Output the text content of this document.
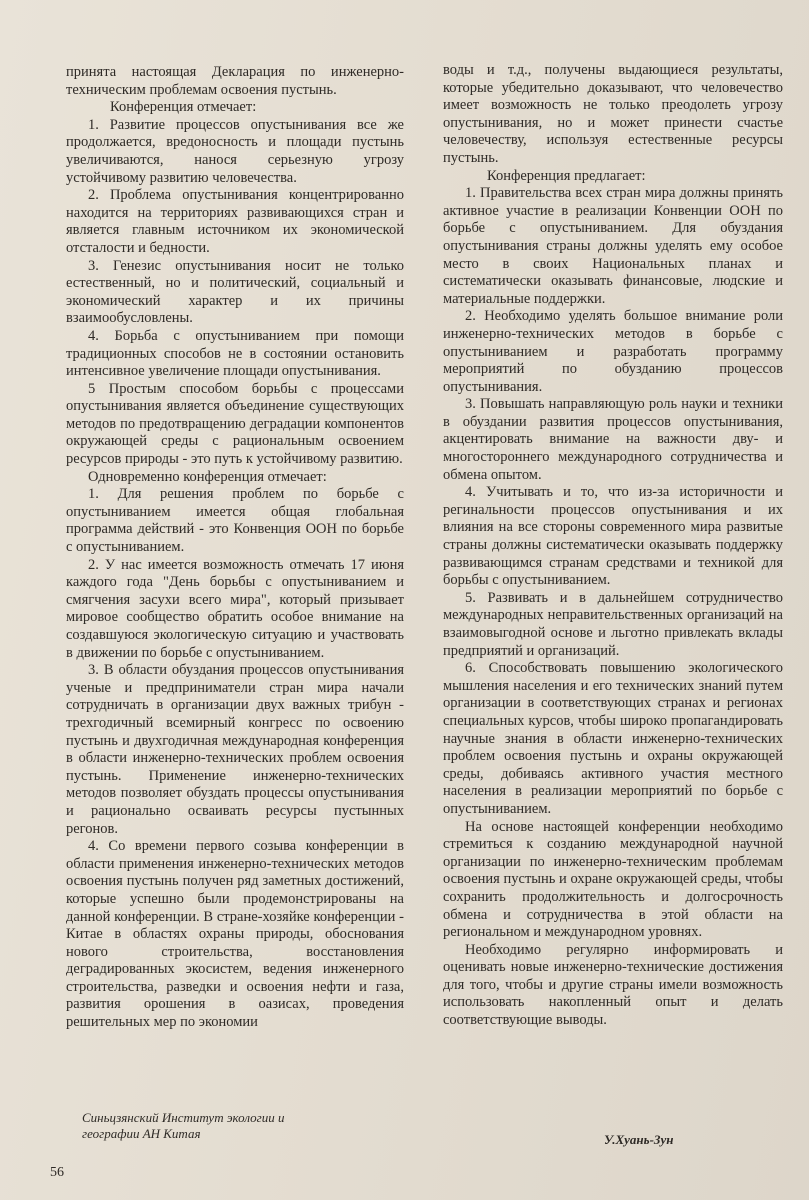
принята настоящая Декларация по инженерно-техническим проблемам освоения пустынь.

Конференция отмечает:

1. Развитие процессов опустынивания все же продолжается, вредоносность и площади пустынь увеличиваются, нанося серьезную угрозу устойчивому развитию человечества.

2. Проблема опустынивания концентрированно находится на территориях развивающихся стран и является главным источником их экономической отсталости и бедности.

3. Генезис опустынивания носит не только естественный, но и политический, социальный и экономический характер и их причины взаимообусловлены.

4. Борьба с опустыниванием при помощи традиционных способов не в состоянии остановить интенсивное увеличение площади опустынивания.

5 Простым способом борьбы с процессами опустынивания является объединение существующих методов по предотвращению деградации компонентов окружающей среды с рациональным освоением ресурсов природы - это путь к устойчивому развитию.

Одновременно конференция отмечает:

1. Для решения проблем по борьбе с опустыниванием имеется общая глобальная программа действий - это Конвенция ООН по борьбе с опустыниванием.

2. У нас имеется возможность отмечать 17 июня каждого года "День борьбы с опустыниванием и смягчения засухи всего мира", который призывает мировое сообщество обратить особое внимание на создавшуюся экологическую ситуацию и участвовать в движении по борьбе с опустыниванием.

3. В области обуздания процессов опустынивания ученые и предприниматели стран мира начали сотрудничать в организации двух важных трибун - трехгодичный всемирный конгресс по освоению пустынь и двухгодичная международная конференция в области инженерно-технических проблем освоения пустынь. Применение инженерно-технических методов позволяет обуздать процессы опустынивания и рационально осваивать ресурсы пустынных регонов.

4. Со времени первого созыва конференции в области применения инженерно-технических методов освоения пустынь получен ряд заметных достижений, которые успешно были продемонстрированы на данной конференции. В стране-хозяйке конференции - Китае в областях охраны природы, обоснования нового строительства, восстановления деградированных экосистем, ведения инженерного строительства, разведки и освоения нефти и газа, развития орошения в оазисах, проведения решительных мер по экономии

воды и т.д., получены выдающиеся результаты, которые убедительно доказывают, что человечество имеет возможность не только преодолеть угрозу опустынивания, но и может принести счастье человечеству, используя естественные ресурсы пустынь.

Конференция предлагает:

1. Правительства всех стран мира должны принять активное участие в реализации Конвенции ООН по борьбе с опустыниванием. Для обуздания опустынивания страны должны уделять ему особое место в своих Национальных планах и систематически оказывать финансовые, людские и материальные поддержки.

2. Необходимо уделять большое внимание роли инженерно-технических методов в борьбе с опустыниванием и разработать программу мероприятий по обузданию процессов опустынивания.

3. Повышать направляющую роль науки и техники в обуздании развития процессов опустынивания, акцентировать внимание на важности дву- и многостороннего международного сотрудничества и обмена опытом.

4. Учитывать и то, что из-за историчности и регинальности процессов опустынивания и их влияния на все стороны современного мира развитые страны должны систематически оказывать поддержку развивающимся странам средствами и техникой для борьбы с опустыниванием.

5. Развивать и в дальнейшем сотрудничество международных неправительственных организаций на взаимовыгодной основе и льготно привлекать вклады предприятий и организаций.

6. Способствовать повышению экологического мышления населения и его технических знаний путем организации в соответствующих странах и регионах специальных курсов, чтобы широко пропагандировать научные знания в области инженерно-технических проблем освоения пустынь и охраны окружающей среды, добиваясь активного участия местного населения в реализации мероприятий по борьбе с опустыниванием.

На основе настоящей конференции необходимо стремиться к созданию международной научной организации по инженерно-техническим проблемам освоения пустынь и охране окружающей среды, чтобы сохранить продолжительность и долгосрочность обмена и сотрудничества в этой области на региональном и международном уровнях.

Необходимо регулярно информировать и оценивать новые инженерно-технические достижения для того, чтобы и другие страны имели возможность использовать накопленный опыт и делать соответствующие выводы.

Синьцзянский Институт экологии и
географии АН Китая	У.Хуань-Зун
56
